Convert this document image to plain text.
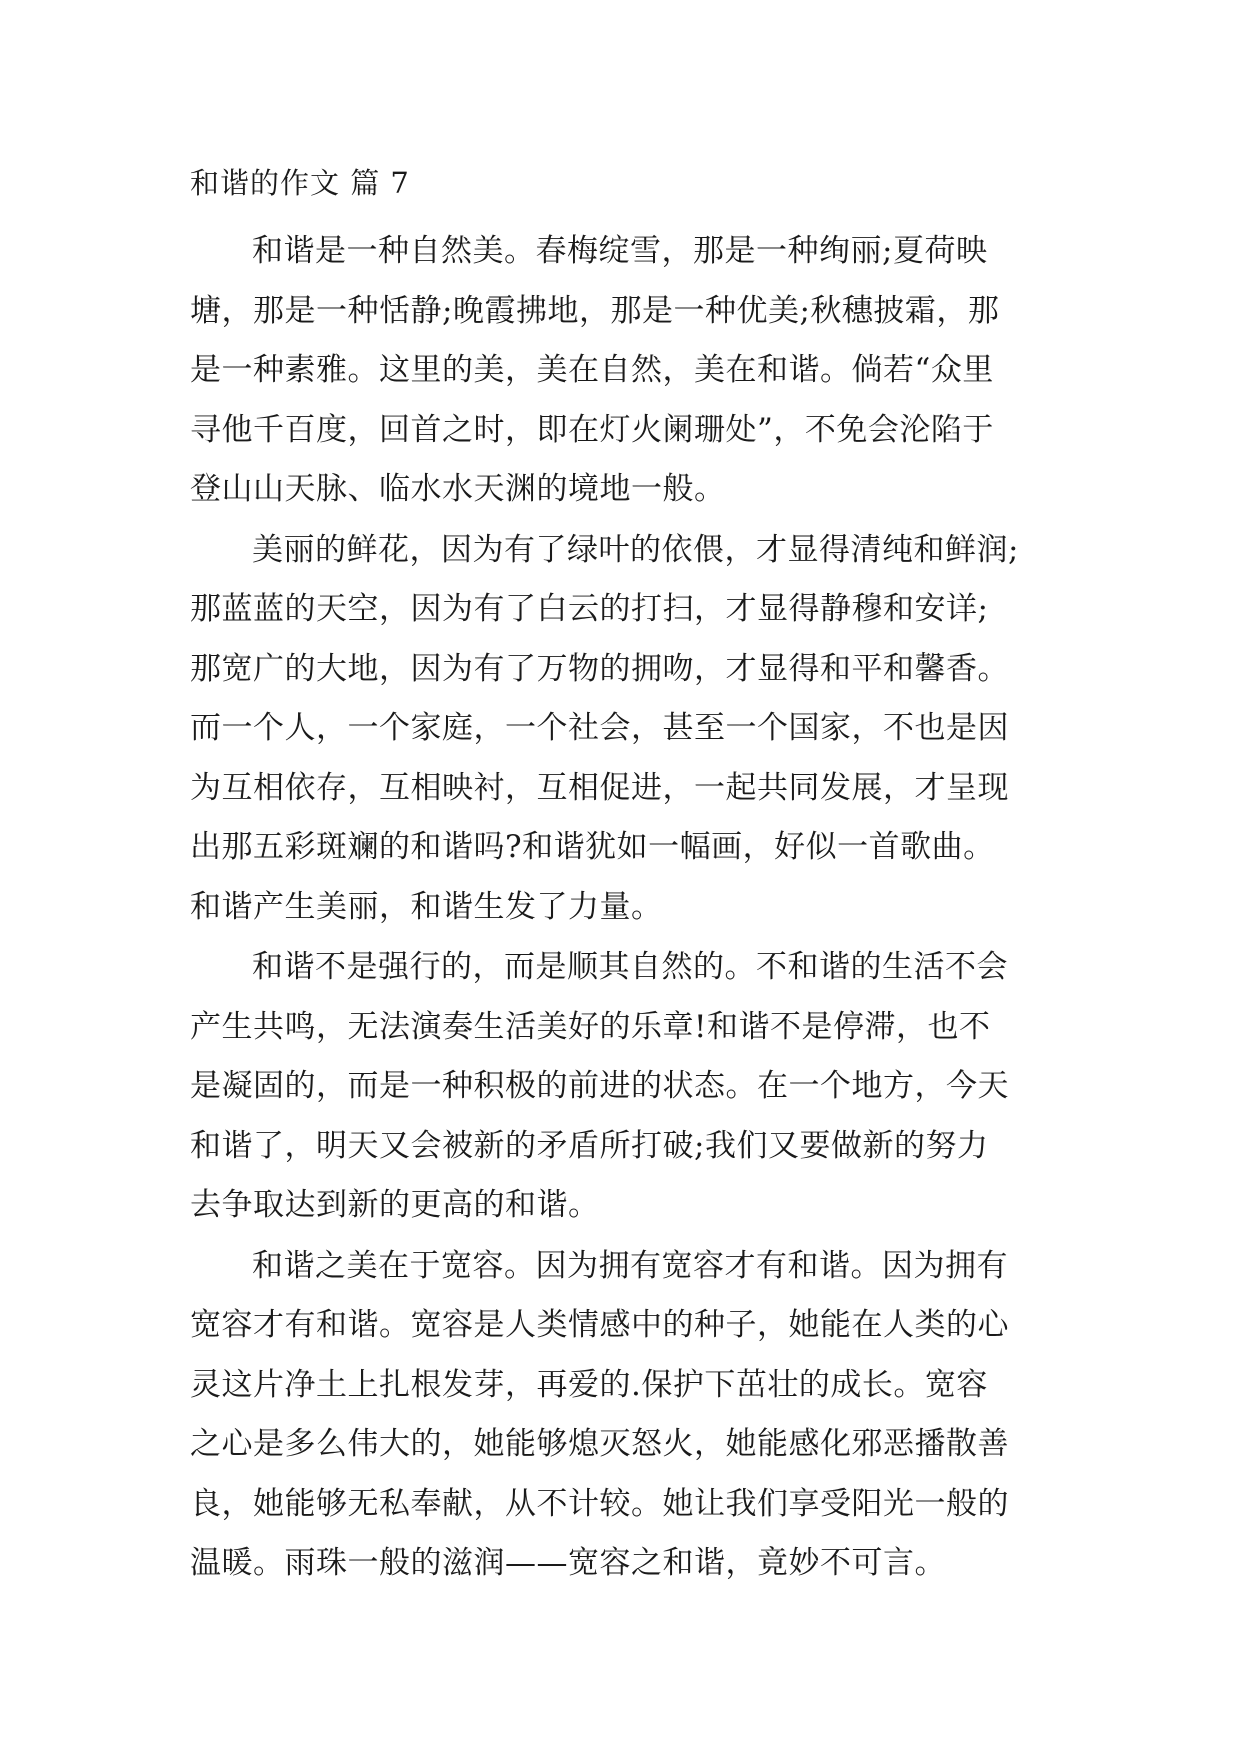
和谐的作文 篇 7
和谐是一种自然美。春梅绽雪，那是一种绚丽;夏荷映
塘，那是一种恬静;晚霞拂地，那是一种优美;秋穗披霜，那
是一种素雅。这里的美，美在自然，美在和谐。倘若“众里
寻他千百度，回首之时，即在灯火阑珊处”，不免会沦陷于
登山山天脉、临水水天渊的境地一般。
美丽的鲜花，因为有了绿叶的依偎，才显得清纯和鲜润;
那蓝蓝的天空，因为有了白云的打扫，才显得静穆和安详;
那宽广的大地，因为有了万物的拥吻，才显得和平和馨香。
而一个人，一个家庭，一个社会，甚至一个国家，不也是因
为互相依存，互相映衬，互相促进，一起共同发展，才呈现
出那五彩斑斓的和谐吗?和谐犹如一幅画，好似一首歌曲。
和谐产生美丽，和谐生发了力量。
和谐不是强行的，而是顺其自然的。不和谐的生活不会
产生共鸣，无法演奏生活美好的乐章!和谐不是停滞，也不
是凝固的，而是一种积极的前进的状态。在一个地方，今天
和谐了，明天又会被新的矛盾所打破;我们又要做新的努力
去争取达到新的更高的和谐。
和谐之美在于宽容。因为拥有宽容才有和谐。因为拥有
宽容才有和谐。宽容是人类情感中的种子，她能在人类的心
灵这片净土上扎根发芽，再爱的.保护下茁壮的成长。宽容
之心是多么伟大的，她能够熄灭怒火，她能感化邪恶播散善
良，她能够无私奉献，从不计较。她让我们享受阳光一般的
温暖。雨珠一般的滋润——宽容之和谐，竟妙不可言。
